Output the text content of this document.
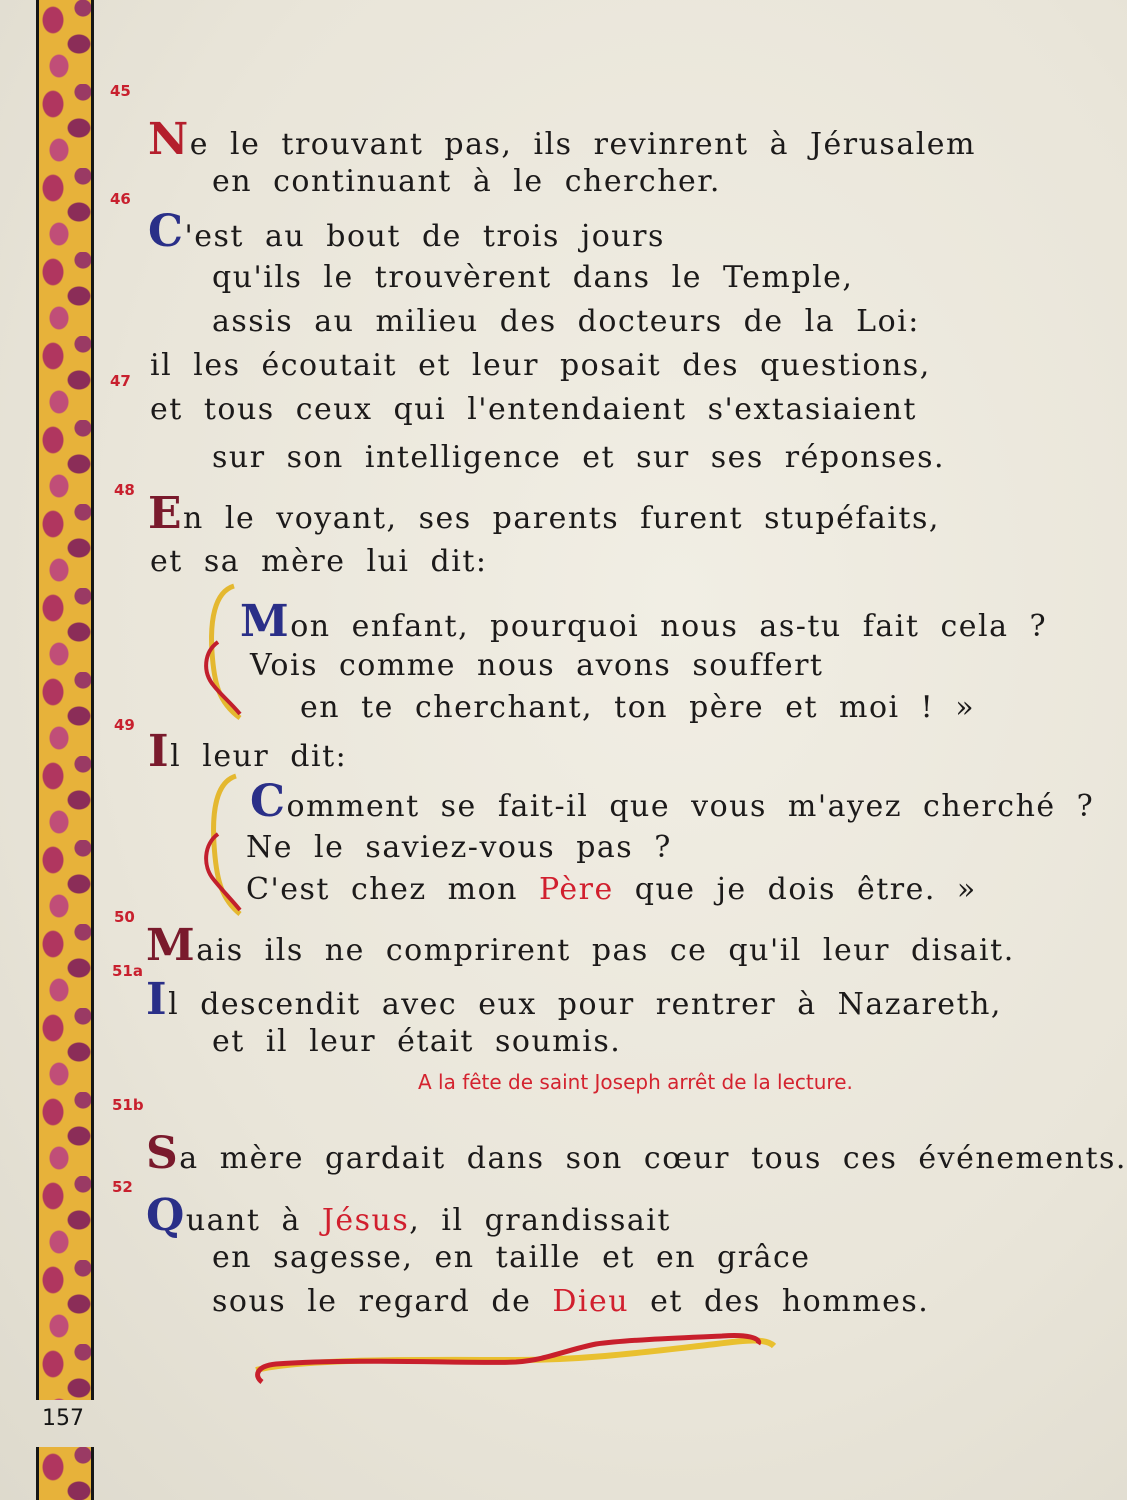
157
45
46
47
48
49
50
51a
51b
52
Ne le trouvant pas, ils revinrent à Jérusalem
en continuant à le chercher.
C'est au bout de trois jours
qu'ils le trouvèrent dans le Temple,
assis au milieu des docteurs de la Loi:
il les écoutait et leur posait des questions,
et tous ceux qui l'entendaient s'extasiaient
sur son intelligence et sur ses réponses.
En le voyant, ses parents furent stupéfaits,
et sa mère lui dit:
Mon enfant, pourquoi nous as-tu fait cela ?
Vois comme nous avons souffert
en te cherchant, ton père et moi ! »
Il leur dit:
Comment se fait-il que vous m'ayez cherché ?
Ne le saviez-vous pas ?
C'est chez mon Père que je dois être. »
Mais ils ne comprirent pas ce qu'il leur disait.
Il descendit avec eux pour rentrer à Nazareth,
et il leur était soumis.
A la fête de saint Joseph arrêt de la lecture.
Sa mère gardait dans son cœur tous ces événements.
Quant à Jésus, il grandissait
en sagesse, en taille et en grâce
sous le regard de Dieu et des hommes.
